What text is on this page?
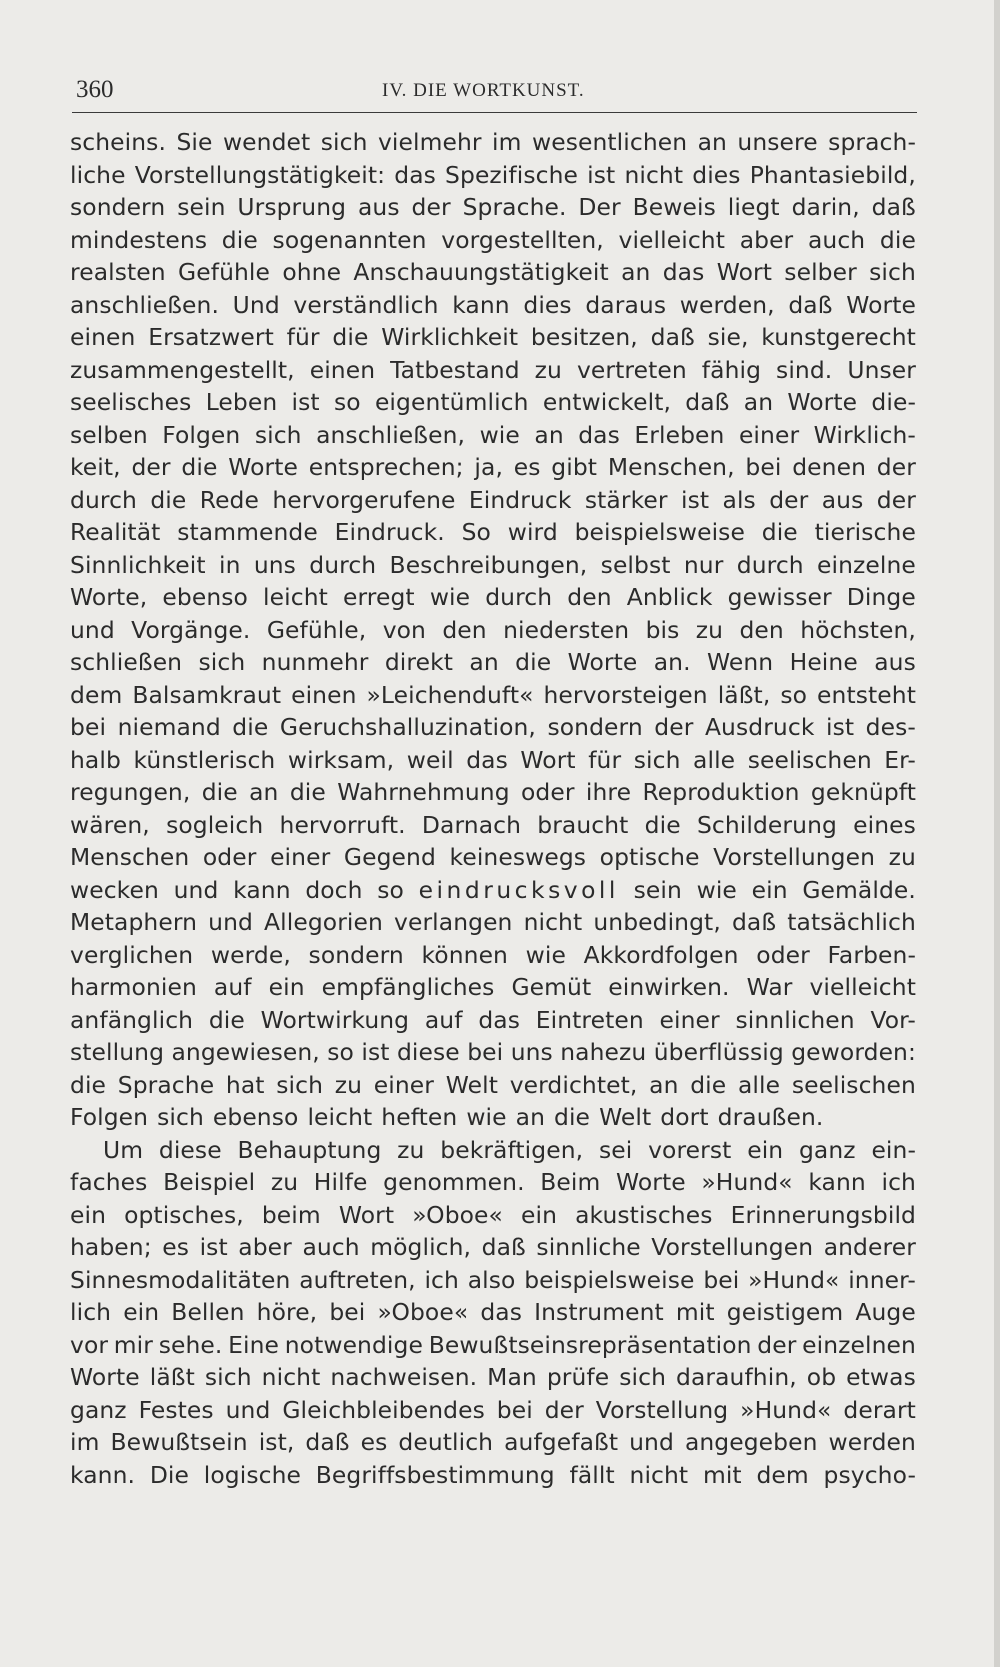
360	IV. DIE WORTKUNST.
scheins. Sie wendet sich vielmehr im wesentlichen an unsere sprach-
liche Vorstellungstätigkeit: das Spezifische ist nicht dies Phantasiebild,
sondern sein Ursprung aus der Sprache. Der Beweis liegt darin, daß
mindestens die sogenannten vorgestellten, vielleicht aber auch die
realsten Gefühle ohne Anschauungstätigkeit an das Wort selber sich
anschließen. Und verständlich kann dies daraus werden, daß Worte
einen Ersatzwert für die Wirklichkeit besitzen, daß sie, kunstgerecht
zusammengestellt, einen Tatbestand zu vertreten fähig sind. Unser
seelisches Leben ist so eigentümlich entwickelt, daß an Worte die-
selben Folgen sich anschließen, wie an das Erleben einer Wirklich-
keit, der die Worte entsprechen; ja, es gibt Menschen, bei denen der
durch die Rede hervorgerufene Eindruck stärker ist als der aus der
Realität stammende Eindruck. So wird beispielsweise die tierische
Sinnlichkeit in uns durch Beschreibungen, selbst nur durch einzelne
Worte, ebenso leicht erregt wie durch den Anblick gewisser Dinge
und Vorgänge. Gefühle, von den niedersten bis zu den höchsten,
schließen sich nunmehr direkt an die Worte an. Wenn Heine aus
dem Balsamkraut einen »Leichenduft« hervorsteigen läßt, so entsteht
bei niemand die Geruchshalluzination, sondern der Ausdruck ist des-
halb künstlerisch wirksam, weil das Wort für sich alle seelischen Er-
regungen, die an die Wahrnehmung oder ihre Reproduktion geknüpft
wären, sogleich hervorruft. Darnach braucht die Schilderung eines
Menschen oder einer Gegend keineswegs optische Vorstellungen zu
wecken und kann doch so eindrucksvoll sein wie ein Gemälde.
Metaphern und Allegorien verlangen nicht unbedingt, daß tatsächlich
verglichen werde, sondern können wie Akkordfolgen oder Farben-
harmonien auf ein empfängliches Gemüt einwirken. War vielleicht
anfänglich die Wortwirkung auf das Eintreten einer sinnlichen Vor-
stellung angewiesen, so ist diese bei uns nahezu überflüssig geworden:
die Sprache hat sich zu einer Welt verdichtet, an die alle seelischen
Folgen sich ebenso leicht heften wie an die Welt dort draußen.
Um diese Behauptung zu bekräftigen, sei vorerst ein ganz ein-
faches Beispiel zu Hilfe genommen. Beim Worte »Hund« kann ich
ein optisches, beim Wort »Oboe« ein akustisches Erinnerungsbild
haben; es ist aber auch möglich, daß sinnliche Vorstellungen anderer
Sinnesmodalitäten auftreten, ich also beispielsweise bei »Hund« inner-
lich ein Bellen höre, bei »Oboe« das Instrument mit geistigem Auge
vor mir sehe. Eine notwendige Bewußtseinsrepräsentation der einzelnen
Worte läßt sich nicht nachweisen. Man prüfe sich daraufhin, ob etwas
ganz Festes und Gleichbleibendes bei der Vorstellung »Hund« derart
im Bewußtsein ist, daß es deutlich aufgefaßt und angegeben werden
kann. Die logische Begriffsbestimmung fällt nicht mit dem psycho-
